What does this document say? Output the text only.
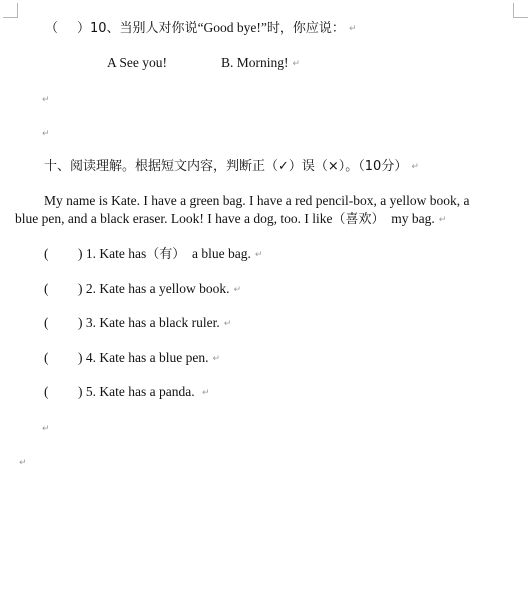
（ ）10、当别人对你说“Good bye!”时，你应说： ↵
A See you!	B. Morning! ↵
↵
↵
十、阅读理解。根据短文内容，判断正（✓）误（×）。（10分） ↵
My name is Kate. I have a green bag. I have a red pencil-box, a yellow book, a
blue pen, and a black eraser. Look! I have a dog, too. I like（喜欢） my bag. ↵
( ) 1. Kate has（有） a blue bag. ↵
( ) 2. Kate has a yellow book. ↵
( ) 3. Kate has a black ruler. ↵
( ) 4. Kate has a blue pen. ↵
( ) 5. Kate has a panda. ↵
↵
↵
